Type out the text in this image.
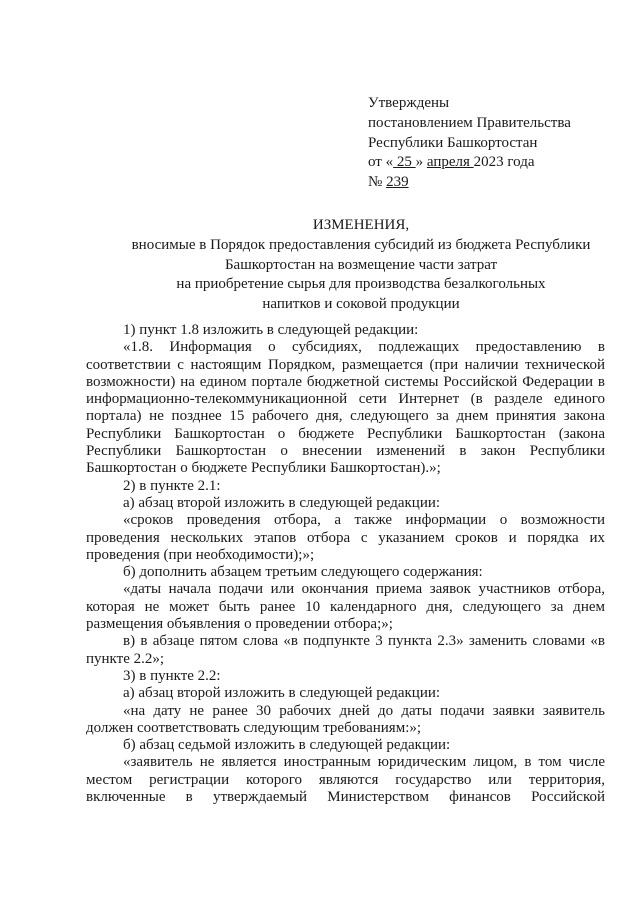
Утверждены
постановлением Правительства
Республики Башкортостан
от « 25 » апреля 2023 года
№ 239
ИЗМЕНЕНИЯ,
вносимые в Порядок предоставления субсидий из бюджета Республики
Башкортостан на возмещение части затрат
на приобретение сырья для производства безалкогольных
напитков и соковой продукции
1) пункт 1.8 изложить в следующей редакции:
«1.8. Информация о субсидиях, подлежащих предоставлению в соответствии с настоящим Порядком, размещается (при наличии технической возможности) на едином портале бюджетной системы Российской Федерации в информационно-телекоммуникационной сети Интернет (в разделе единого портала) не позднее 15 рабочего дня, следующего за днем принятия закона Республики Башкортостан о бюджете Республики Башкортостан (закона Республики Башкортостан о внесении изменений в закон Республики Башкортостан о бюджете Республики Башкортостан).»;
2) в пункте 2.1:
а) абзац второй изложить в следующей редакции:
«сроков проведения отбора, а также информации о возможности проведения нескольких этапов отбора с указанием сроков и порядка их проведения (при необходимости);»;
б) дополнить абзацем третьим следующего содержания:
«даты начала подачи или окончания приема заявок участников отбора, которая не может быть ранее 10 календарного дня, следующего за днем размещения объявления о проведении отбора;»;
в) в абзаце пятом слова «в подпункте 3 пункта 2.3» заменить словами «в пункте 2.2»;
3) в пункте 2.2:
а) абзац второй изложить в следующей редакции:
«на дату не ранее 30 рабочих дней до даты подачи заявки заявитель должен соответствовать следующим требованиям:»;
б) абзац седьмой изложить в следующей редакции:
«заявитель не является иностранным юридическим лицом, в том числе местом регистрации которого являются государство или территория, включенные в утверждаемый Министерством финансов Российской
